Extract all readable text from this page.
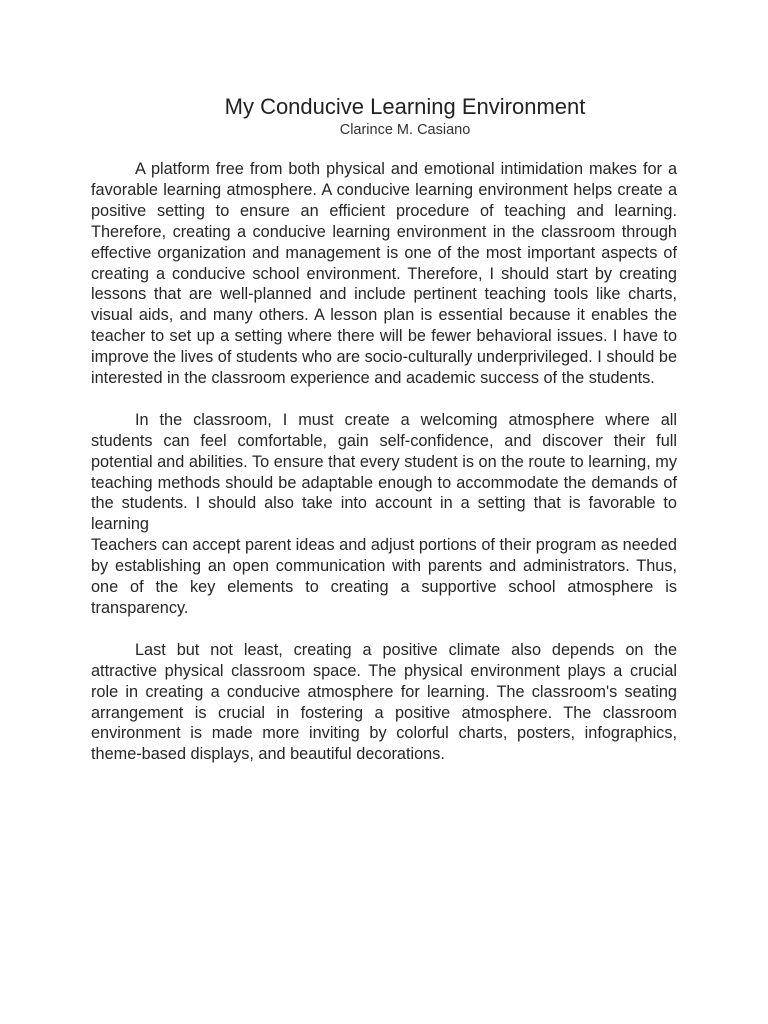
My Conducive Learning Environment

Clarince M. Casiano

A platform free from both physical and emotional intimidation makes for a favorable learning atmosphere. A conducive learning environment helps create a positive setting to ensure an efficient procedure of teaching and learning. Therefore, creating a conducive learning environment in the classroom through effective organization and management is one of the most important aspects of creating a conducive school environment. Therefore, I should start by creating lessons that are well-planned and include pertinent teaching tools like charts, visual aids, and many others. A lesson plan is essential because it enables the teacher to set up a setting where there will be fewer behavioral issues. I have to improve the lives of students who are socio-culturally underprivileged. I should be interested in the classroom experience and academic success of the students.

In the classroom, I must create a welcoming atmosphere where all students can feel comfortable, gain self-confidence, and discover their full potential and abilities. To ensure that every student is on the route to learning, my teaching methods should be adaptable enough to accommodate the demands of the students. I should also take into account in a setting that is favorable to learning

Teachers can accept parent ideas and adjust portions of their program as needed by establishing an open communication with parents and administrators. Thus, one of the key elements to creating a supportive school atmosphere is transparency.

Last but not least, creating a positive climate also depends on the attractive physical classroom space. The physical environment plays a crucial role in creating a conducive atmosphere for learning. The classroom's seating arrangement is crucial in fostering a positive atmosphere. The classroom environment is made more inviting by colorful charts, posters, infographics, theme-based displays, and beautiful decorations.
